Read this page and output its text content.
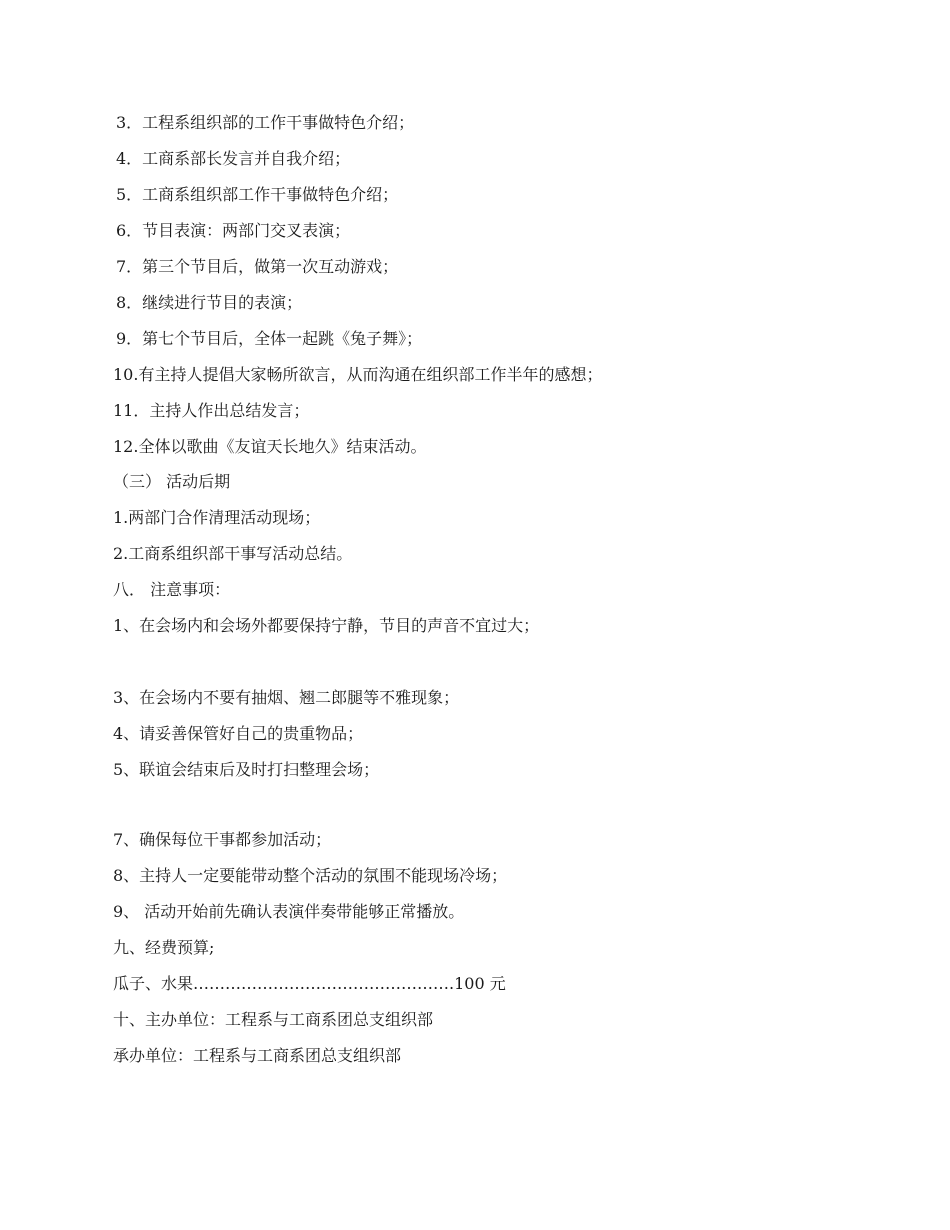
3．工程系组织部的工作干事做特色介绍；
4．工商系部长发言并自我介绍；
5．工商系组织部工作干事做特色介绍；
6．节目表演：两部门交叉表演；
7．第三个节目后，做第一次互动游戏；
8．继续进行节目的表演；
9．第七个节目后，全体一起跳《兔子舞》；
10.有主持人提倡大家畅所欲言，从而沟通在组织部工作半年的感想；
11．主持人作出总结发言；
12.全体以歌曲《友谊天长地久》结束活动。
（三） 活动后期
1.两部门合作清理活动现场；
2.工商系组织部干事写活动总结。
八． 注意事项：
1、在会场内和会场外都要保持宁静，节目的声音不宜过大；
3、在会场内不要有抽烟、翘二郎腿等不雅现象；
4、请妥善保管好自己的贵重物品；
5、联谊会结束后及时打扫整理会场；
7、确保每位干事都参加活动；
8、主持人一定要能带动整个活动的氛围不能现场冷场；
9、 活动开始前先确认表演伴奏带能够正常播放。
九、经费预算;
瓜子、水果………………………………………….100 元
十、主办单位：工程系与工商系团总支组织部
承办单位：工程系与工商系团总支组织部
